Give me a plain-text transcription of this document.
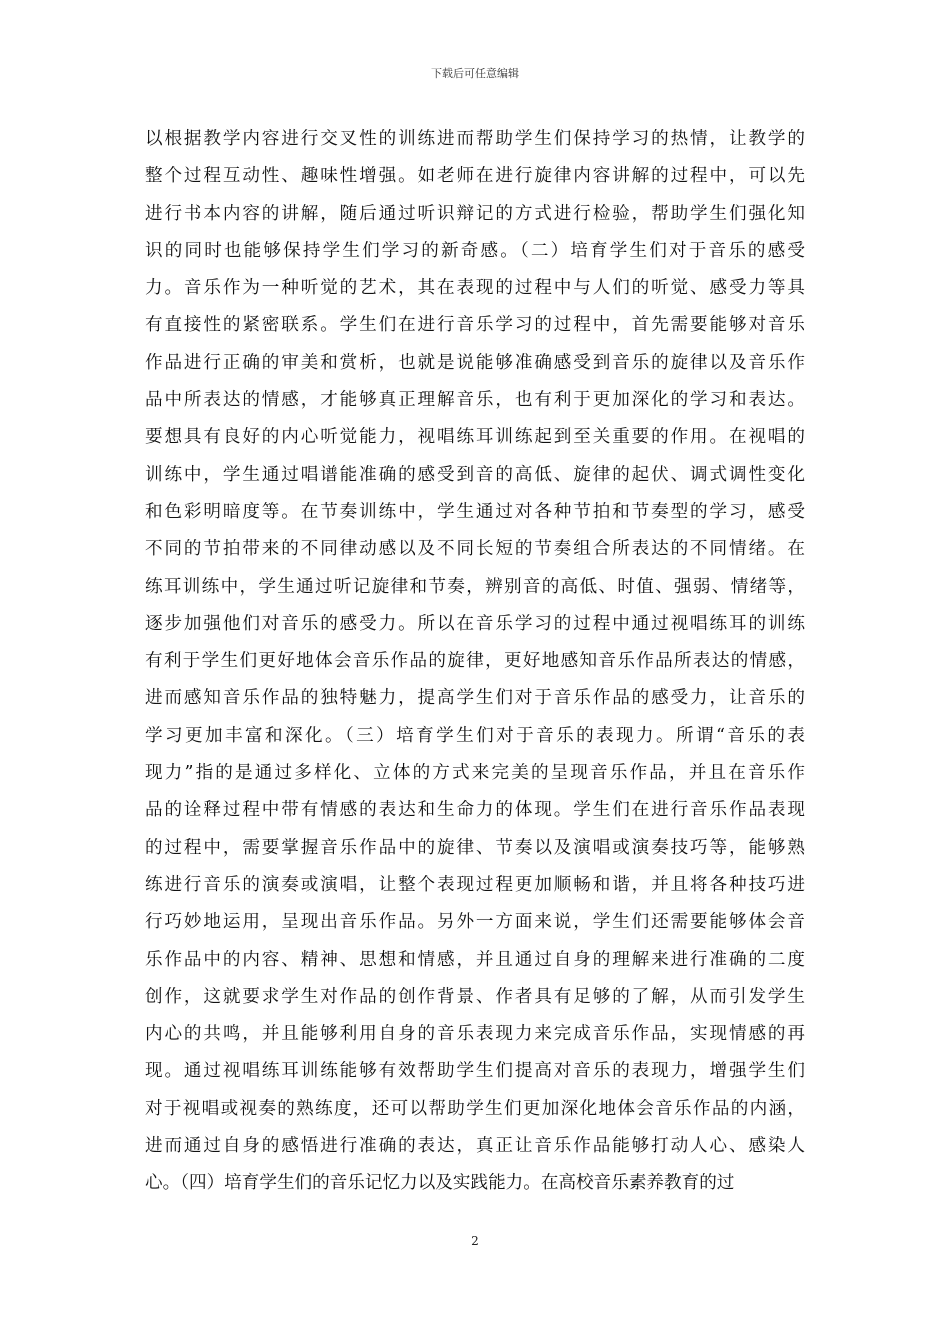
下载后可任意编辑
以根据教学内容进行交叉性的训练进而帮助学生们保持学习的热情，让教学的
整个过程互动性、趣味性增强。如老师在进行旋律内容讲解的过程中，可以先
进行书本内容的讲解，随后通过听识辩记的方式进行检验，帮助学生们强化知
识的同时也能够保持学生们学习的新奇感。（二）培育学生们对于音乐的感受
力。音乐作为一种听觉的艺术，其在表现的过程中与人们的听觉、感受力等具
有直接性的紧密联系。学生们在进行音乐学习的过程中，首先需要能够对音乐
作品进行正确的审美和赏析，也就是说能够准确感受到音乐的旋律以及音乐作
品中所表达的情感，才能够真正理解音乐，也有利于更加深化的学习和表达。
要想具有良好的内心听觉能力，视唱练耳训练起到至关重要的作用。在视唱的
训练中，学生通过唱谱能准确的感受到音的高低、旋律的起伏、调式调性变化
和色彩明暗度等。在节奏训练中，学生通过对各种节拍和节奏型的学习，感受
不同的节拍带来的不同律动感以及不同长短的节奏组合所表达的不同情绪。在
练耳训练中，学生通过听记旋律和节奏，辨别音的高低、时值、强弱、情绪等，
逐步加强他们对音乐的感受力。所以在音乐学习的过程中通过视唱练耳的训练
有利于学生们更好地体会音乐作品的旋律，更好地感知音乐作品所表达的情感，
进而感知音乐作品的独特魅力，提高学生们对于音乐作品的感受力，让音乐的
学习更加丰富和深化。（三）培育学生们对于音乐的表现力。所谓“音乐的表
现力”指的是通过多样化、立体的方式来完美的呈现音乐作品，并且在音乐作
品的诠释过程中带有情感的表达和生命力的体现。学生们在进行音乐作品表现
的过程中，需要掌握音乐作品中的旋律、节奏以及演唱或演奏技巧等，能够熟
练进行音乐的演奏或演唱，让整个表现过程更加顺畅和谐，并且将各种技巧进
行巧妙地运用，呈现出音乐作品。另外一方面来说，学生们还需要能够体会音
乐作品中的内容、精神、思想和情感，并且通过自身的理解来进行准确的二度
创作，这就要求学生对作品的创作背景、作者具有足够的了解，从而引发学生
内心的共鸣，并且能够利用自身的音乐表现力来完成音乐作品，实现情感的再
现。通过视唱练耳训练能够有效帮助学生们提高对音乐的表现力，增强学生们
对于视唱或视奏的熟练度，还可以帮助学生们更加深化地体会音乐作品的内涵，
进而通过自身的感悟进行准确的表达，真正让音乐作品能够打动人心、感染人
心。（四）培育学生们的音乐记忆力以及实践能力。在高校音乐素养教育的过
2
